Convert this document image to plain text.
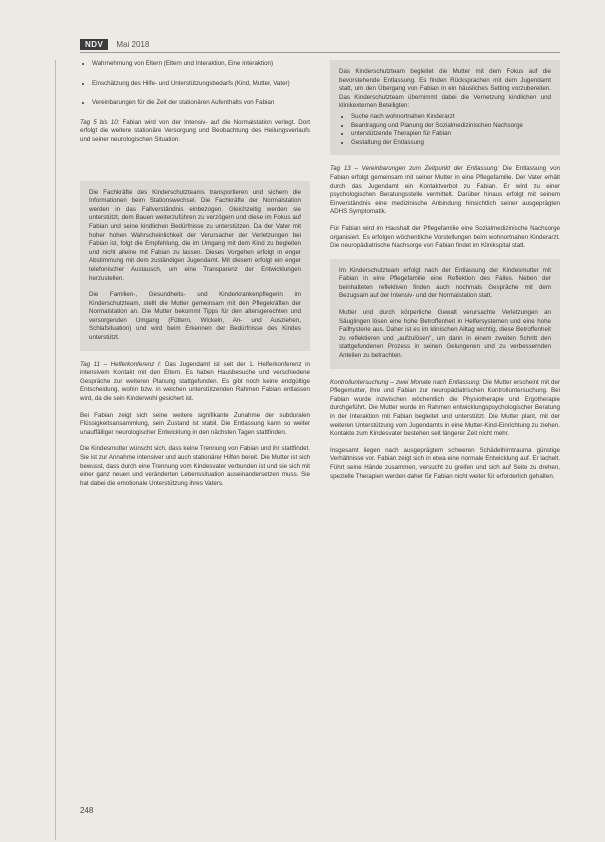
NDV	Mai 2018
• Wahrnehmung von Eltern (Eltern und Interaktion, Eine Interaktion)
• Einschätzung des Hilfe- und Unterstützungsbedarfs (Kind, Mutter, Vater)
• Vereinbarungen für die Zeit der stationären Aufenthalts von Fabian

Tag 5 bis 10: Fabian wird von der Intensiv- auf die Normalstation verlegt. Dort erfolgt die weitere stationäre Versorgung und Beobachtung des Heilungsverlaufs und seiner neurologischen Situation.

Die Fachkräfte des Kinderschutzteams transportieren und sichern die Informationen beim Stationswechsel. Die Fachkräfte der Normalstation werden in das Fallverständnis einbezogen. Gleichzeitig werden sie unterstützt, dem Bauen weiterzuführen zu verzögern und diese im Fokus auf Fabian und seine kindlichen Bedürfnisse zu unterstützen. Da der Vater mit hoher hohen Wahrscheinlichkeit der Verursacher der Verletzungen bei Fabian ist, folgt die Empfehlung, die im Umgang mit dem Kind zu begleiten und nicht alleine mit Fabian zu lassen. Dieses Vorgehen erfolgt in enger Abstimmung mit dem zuständigen Jugendamt. Mit diesem erfolgt ein enger telefonischer Austausch, um eine Transparenz der Entwicklungen herzustellen.

Die Familien-, Gesundheits- und Kinderkrankenpflegerin im Kinderschutzteam, stellt die Mutter gemeinsam mit den Pflegekräften der Normalstation an. Die Mutter bekommt Tipps für den altersgerechten und versorgenden Umgang (Füttern, Wickeln, An- und Ausziehen, Schlafsituation) und wird beim Erkennen der Bedürfnisse des Kindes unterstützt.

Tag 11 – Helferkonferenz I: Das Jugendamt ist seit der 1. Helferkonferenz in intensivem Kontakt mit den Eltern. Es haben Hausbesuche und verschiedene Gespräche zur weiteren Planung stattgefunden. Es gibt noch keine endgültige Entscheidung, wohin bzw. in welchen unterstützenden Rahmen Fabian entlassen wird, da die sein Kinderwohl gesichert ist.

Bei Fabian zeigt sich seine weitere signifikante Zunahme der subduralen Flüssigkeitsansammlung, sein Zustand ist stabil. Die Entlassung kann so weiter unauffälliger neurologischer Entwicklung in den nächsten Tagen stattfinden.

Die Kindesmutter wünscht sich, dass keine Trennung von Fabian und ihr stattfindet. Sie ist zur Annahme intensiver und auch stationärer Hilfen bereit. Die Mutter ist sich bewusst, dass durch eine Trennung vom Kindesvater verbunden ist und sie sich mit einer ganz neuen und veränderten Lebenssituation auseinandersetzen muss. Sie hat dabei die emotionale Unterstützung ihres Vaters.

Das Kinderschutzteam begleitet die Mutter mit dem Fokus auf die bevorstehende Entlassung. Es finden Rücksprachen mit dem Jugendamt statt, um den Übergang von Fabian in ein häusliches Setting vorzubereiten. Das Kinderschutzteam übernimmt dabei die Vernetzung kindlichen und klinikexternen Beteiligten:

• Suche nach wohnortnahen Kinderarzt
• Beantragung und Planung der Sozialmedizinischen Nachsorge
• unterstützende Therapien für Fabian
• Gestaltung der Entlassung

Tag 13 – Vereinbarungen zum Zeitpunkt der Entlassung: Die Entlassung von Fabian erfolgt gemeinsam mit seiner Mutter in eine Pflegefamilie. Der Vater erhält durch das Jugendamt ein Kontaktverbot zu Fabian. Er wird zu einer psychologischen Beratungsstelle vermittelt. Darüber hinaus erfolgt mit seinem Einverständnis eine medizinische Anbindung hinsichtlich seiner ausgeprägten ADHS Symptomatik.

Für Fabian wird im Haushalt der Pflegefamilie eine Sozialmedizinische Nachsorge organisiert. Es erfolgen wöchentliche Vorstellungen beim wohnortnahen Kinderarzt. Die neuropädiatrische Nachsorge von Fabian findet im Klinikspital statt.

Im Kinderschutzteam erfolgt nach der Entlassung der Kindesmutter mit Fabian in eine Pflegefamilie eine Reflektion des Falles. Neben der beinhalteten reflektiven finden auch nochmals Gespräche mit dem Bezugsam auf der Intensiv- und der Normalstation statt.

Mutter und durch körperliche Gewalt verursachte Verletzungen an Säuglingen lösen eine hohe Betroffenheit in Helfersystemen und eine hohe Fallhysterie aus. Daher ist es im klinischen Alltag wichtig, diese Betroffenheit zu reflektieren und „aufzulösen", um dann in einem zweiten Schritt den stattgefundenen Prozess in seinen Gelungenen und zu verbessernden Anteilen zu betrachten.

Kontrolluntersuchung – zwei Monate nach Entlassung: Die Mutter erscheint mit der Pflegemutter, ihre und Fabian zur neuropädiatrischen Kontrolluntersuchung. Bei Fabian wurde inzwischen wöchentlich die Physiotherapie und Ergotherapie durchgeführt. Die Mutter wurde im Rahmen entwicklungspsychologischer Beratung in der Interaktion mit Fabian begleitet und unterstützt. Die Mutter plant, mit der weiteren Unterstützung vom Jugendamts in eine Mutter-Kind-Einrichtung zu ziehen. Kontakte zum Kindesvater bestehen seit längerer Zeit nicht mehr.

Insgesamt liegen nach ausgeprägtem schweren Schädelhirntrauma günstige Verhältnisse vor. Fabian zeigt sich in etwa eine normale Entwicklung auf. Er lachelt. Führt seine Hände zusammen, versucht zu greifen und sich auf Seite zu drehen, spezielle Therapien werden daher für Fabian nicht weiter für erforderlich gehalten.

248
